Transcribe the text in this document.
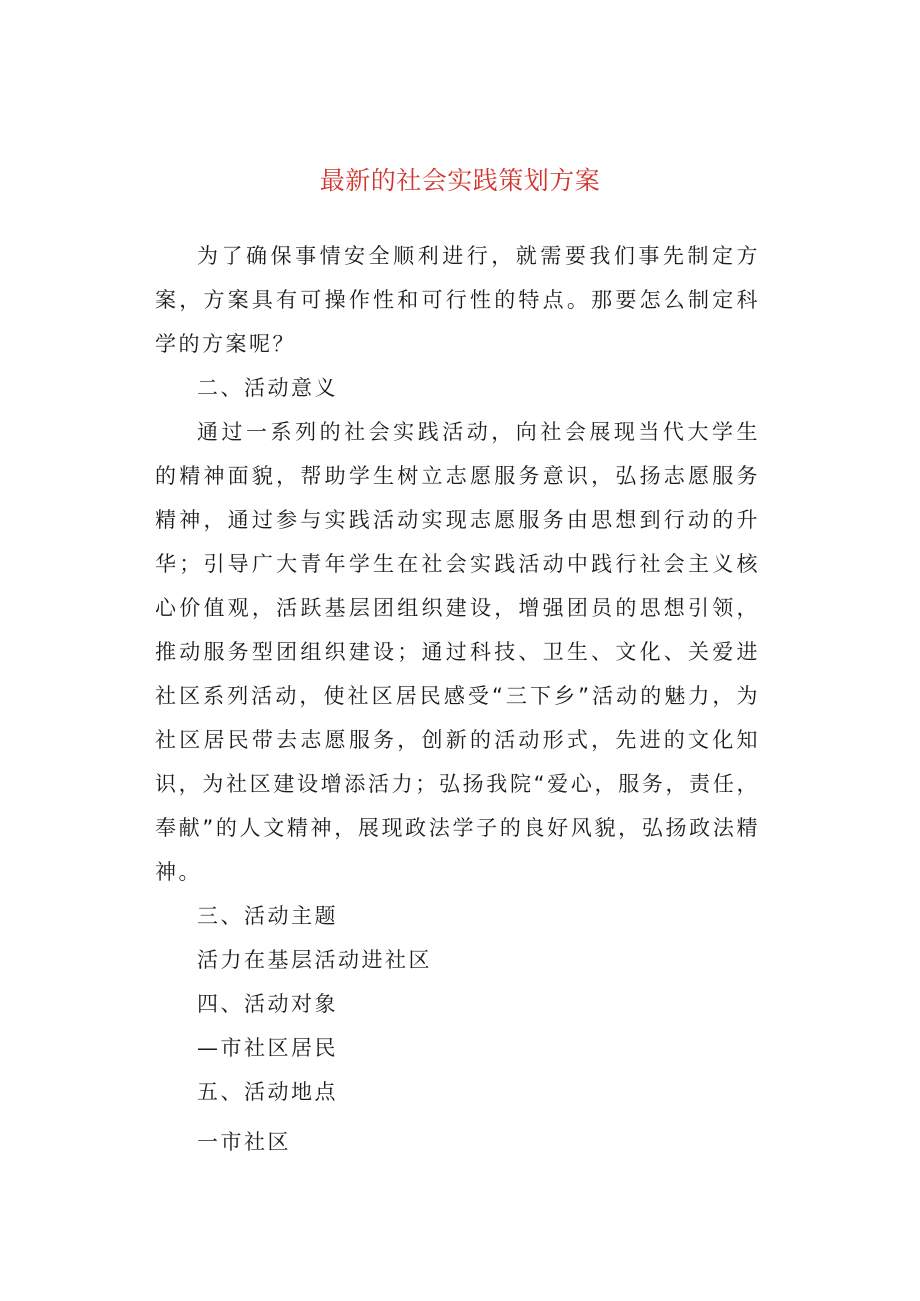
最新的社会实践策划方案

为了确保事情安全顺利进行，就需要我们事先制定方案，方案具有可操作性和可行性的特点。那要怎么制定科学的方案呢？

二、活动意义

通过一系列的社会实践活动，向社会展现当代大学生的精神面貌，帮助学生树立志愿服务意识，弘扬志愿服务精神，通过参与实践活动实现志愿服务由思想到行动的升华；引导广大青年学生在社会实践活动中践行社会主义核心价值观，活跃基层团组织建设，增强团员的思想引领，推动服务型团组织建设；通过科技、卫生、文化、关爱进社区系列活动，使社区居民感受“三下乡”活动的魅力，为社区居民带去志愿服务，创新的活动形式，先进的文化知识，为社区建设增添活力；弘扬我院“爱心，服务，责任，奉献”的人文精神，展现政法学子的良好风貌，弘扬政法精神。

三、活动主题

活力在基层活动进社区

四、活动对象

—市社区居民

五、活动地点

一市社区
